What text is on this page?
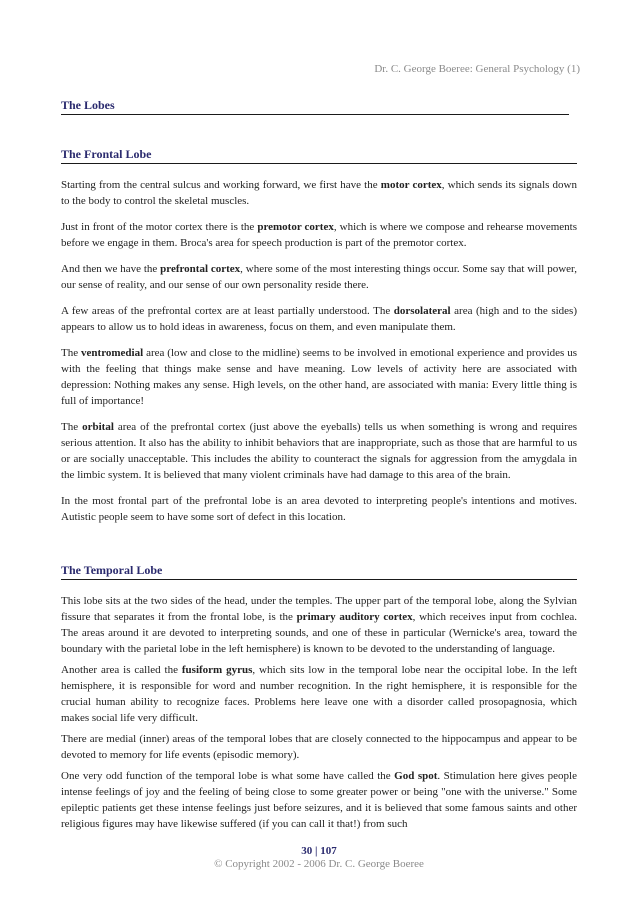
Dr. C. George Boeree: General Psychology (1)
The Lobes
The Frontal Lobe

Starting from the central sulcus and working forward, we first have the motor cortex, which sends its signals down to the body to control the skeletal muscles.

Just in front of the motor cortex there is the premotor cortex, which is where we compose and rehearse movements before we engage in them. Broca's area for speech production is part of the premotor cortex.

And then we have the prefrontal cortex, where some of the most interesting things occur. Some say that will power, our sense of reality, and our sense of our own personality reside there.

A few areas of the prefrontal cortex are at least partially understood. The dorsolateral area (high and to the sides) appears to allow us to hold ideas in awareness, focus on them, and even manipulate them.

The ventromedial area (low and close to the midline) seems to be involved in emotional experience and provides us with the feeling that things make sense and have meaning. Low levels of activity here are associated with depression: Nothing makes any sense. High levels, on the other hand, are associated with mania: Every little thing is full of importance!

The orbital area of the prefrontal cortex (just above the eyeballs) tells us when something is wrong and requires serious attention. It also has the ability to inhibit behaviors that are inappropriate, such as those that are harmful to us or are socially unacceptable. This includes the ability to counteract the signals for aggression from the amygdala in the limbic system. It is believed that many violent criminals have had damage to this area of the brain.

In the most frontal part of the prefrontal lobe is an area devoted to interpreting people's intentions and motives. Autistic people seem to have some sort of defect in this location.

The Temporal Lobe

This lobe sits at the two sides of the head, under the temples. The upper part of the temporal lobe, along the Sylvian fissure that separates it from the frontal lobe, is the primary auditory cortex, which receives input from cochlea. The areas around it are devoted to interpreting sounds, and one of these in particular (Wernicke's area, toward the boundary with the parietal lobe in the left hemisphere) is known to be devoted to the understanding of language.

Another area is called the fusiform gyrus, which sits low in the temporal lobe near the occipital lobe. In the left hemisphere, it is responsible for word and number recognition. In the right hemisphere, it is responsible for the crucial human ability to recognize faces. Problems here leave one with a disorder called prosopagnosia, which makes social life very difficult.

There are medial (inner) areas of the temporal lobes that are closely connected to the hippocampus and appear to be devoted to memory for life events (episodic memory).

One very odd function of the temporal lobe is what some have called the God spot. Stimulation here gives people intense feelings of joy and the feeling of being close to some greater power or being "one with the universe." Some epileptic patients get these intense feelings just before seizures, and it is believed that some famous saints and other religious figures may have likewise suffered (if you can call it that!) from such

30 | 107
© Copyright 2002 - 2006 Dr. C. George Boeree
